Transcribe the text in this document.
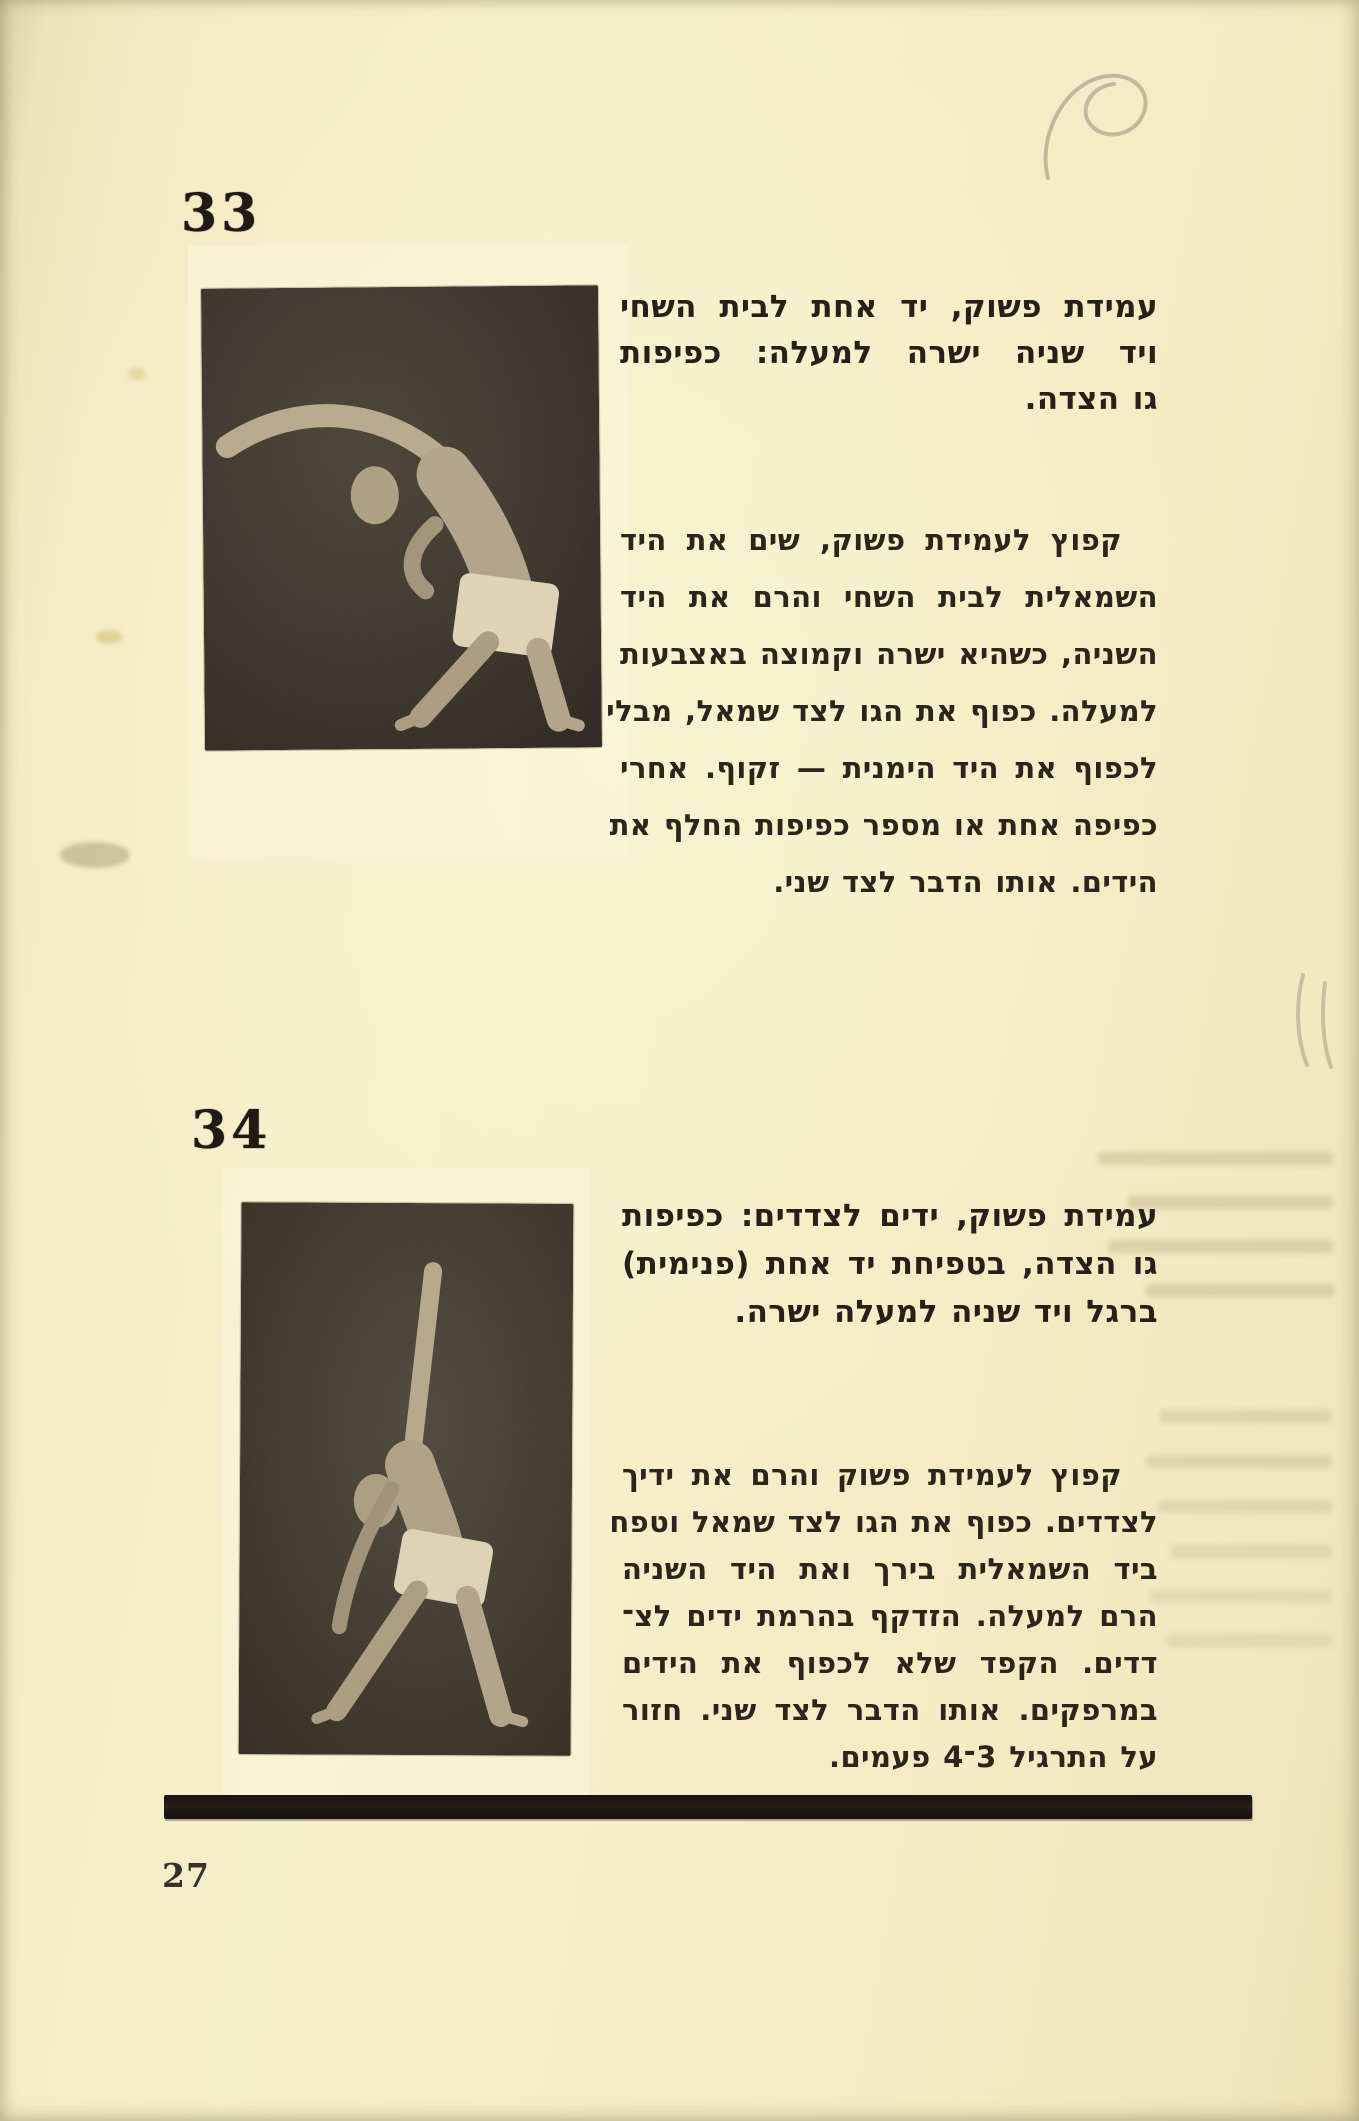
33
עמידת פשוק, יד אחת לבית השחי
ויד שניה ישרה למעלה: כפיפות
גו הצדה.
קפוץ לעמידת פשוק, שים את היד
השמאלית לבית השחי והרם את היד
השניה, כשהיא ישרה וקמוצה באצבעות
למעלה. כפוף את הגו לצד שמאל, מבלי
לכפוף את היד הימנית — זקוף. אחרי
כפיפה אחת או מספר כפיפות החלף את
הידים. אותו הדבר לצד שני.
34
עמידת פשוק, ידים לצדדים: כפיפות
גו הצדה, בטפיחת יד אחת (פנימית)
ברגל ויד שניה למעלה ישרה.
קפוץ לעמידת פשוק והרם את ידיך
לצדדים. כפוף את הגו לצד שמאל וטפח
ביד השמאלית בירך ואת היד השניה
הרם למעלה. הזדקף בהרמת ידים לצ־
דדים. הקפד שלא לכפוף את הידים
במרפקים. אותו הדבר לצד שני. חזור
על התרגיל 3־4 פעמים.
27
